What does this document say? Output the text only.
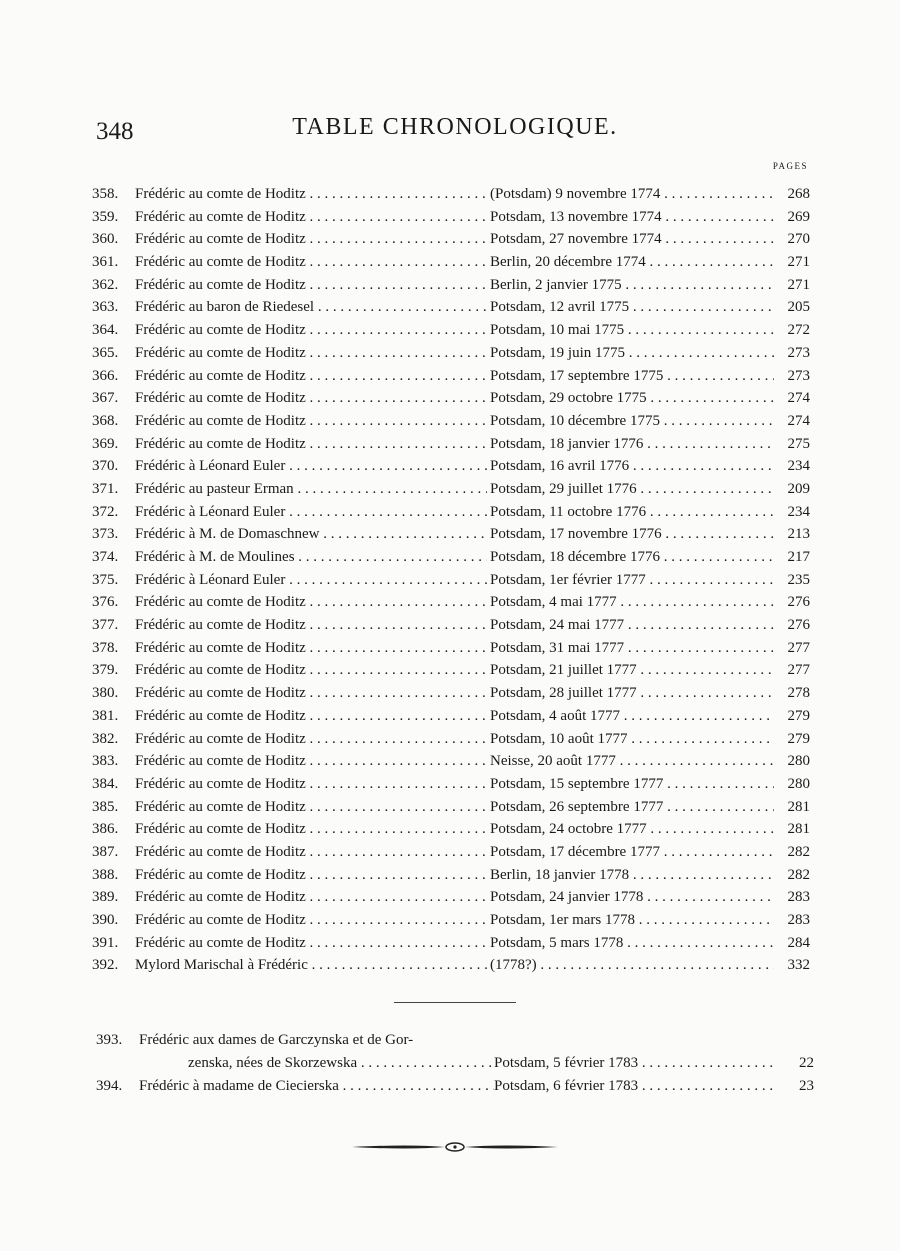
348	TABLE CHRONOLOGIQUE.
PAGES
358.	Frédéric au comte de Hoditz . . .	(Potsdam) 9 novembre 1774 . . .	268
359.	Frédéric au comte de Hoditz . . .	Potsdam, 13 novembre 1774 . . .	269
360.	Frédéric au comte de Hoditz . . .	Potsdam, 27 novembre 1774 . . .	270
361.	Frédéric au comte de Hoditz . . .	Berlin, 20 décembre 1774 . . .	271
362.	Frédéric au comte de Hoditz . . .	Berlin, 2 janvier 1775 . . .	271
363.	Frédéric au baron de Riedesel . . .	Potsdam, 12 avril 1775 . . .	205
364.	Frédéric au comte de Hoditz . . .	Potsdam, 10 mai 1775 . . .	272
365.	Frédéric au comte de Hoditz . . .	Potsdam, 19 juin 1775 . . .	273
366.	Frédéric au comte de Hoditz . . .	Potsdam, 17 septembre 1775 . . .	273
367.	Frédéric au comte de Hoditz . . .	Potsdam, 29 octobre 1775 . . .	274
368.	Frédéric au comte de Hoditz . . .	Potsdam, 10 décembre 1775 . . .	274
369.	Frédéric au comte de Hoditz . . .	Potsdam, 18 janvier 1776 . . .	275
370.	Frédéric à Léonard Euler . . .	Potsdam, 16 avril 1776 . . .	234
371.	Frédéric au pasteur Erman . . .	Potsdam, 29 juillet 1776 . . .	209
372.	Frédéric à Léonard Euler . . .	Potsdam, 11 octobre 1776 . . .	234
373.	Frédéric à M. de Domaschnew . . .	Potsdam, 17 novembre 1776 . . .	213
374.	Frédéric à M. de Moulines . . .	Potsdam, 18 décembre 1776 . . .	217
375.	Frédéric à Léonard Euler . . .	Potsdam, 1er février 1777 . . .	235
376.	Frédéric au comte de Hoditz . . .	Potsdam, 4 mai 1777 . . .	276
377.	Frédéric au comte de Hoditz . . .	Potsdam, 24 mai 1777 . . .	276
378.	Frédéric au comte de Hoditz . . .	Potsdam, 31 mai 1777 . . .	277
379.	Frédéric au comte de Hoditz . . .	Potsdam, 21 juillet 1777 . . .	277
380.	Frédéric au comte de Hoditz . . .	Potsdam, 28 juillet 1777 . . .	278
381.	Frédéric au comte de Hoditz . . .	Potsdam, 4 août 1777 . . .	279
382.	Frédéric au comte de Hoditz . . .	Potsdam, 10 août 1777 . . .	279
383.	Frédéric au comte de Hoditz . . .	Neisse, 20 août 1777 . . .	280
384.	Frédéric au comte de Hoditz . . .	Potsdam, 15 septembre 1777 . . .	280
385.	Frédéric au comte de Hoditz . . .	Potsdam, 26 septembre 1777 . . .	281
386.	Frédéric au comte de Hoditz . . .	Potsdam, 24 octobre 1777 . . .	281
387.	Frédéric au comte de Hoditz . . .	Potsdam, 17 décembre 1777 . . .	282
388.	Frédéric au comte de Hoditz . . .	Berlin, 18 janvier 1778 . . .	282
389.	Frédéric au comte de Hoditz . . .	Potsdam, 24 janvier 1778 . . .	283
390.	Frédéric au comte de Hoditz . . .	Potsdam, 1er mars 1778 . . .	283
391.	Frédéric au comte de Hoditz . . .	Potsdam, 5 mars 1778 . . .	284
392.	Mylord Marischal à Frédéric . . .	(1778?) . . .	332
393.	Frédéric aux dames de Garczynska et de Gor-
zenska, nées de Skorzewska . . .	Potsdam, 5 février 1783 . . .	22
394.	Frédéric à madame de Ciecierska . . .	Potsdam, 6 février 1783 . . .	23
